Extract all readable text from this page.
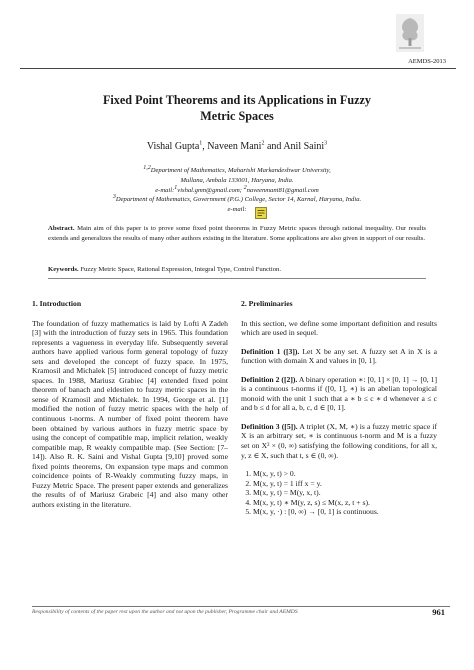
AEMDS-2013
Fixed Point Theorems and its Applications in Fuzzy
Metric Spaces
Vishal Gupta$^1$, Naveen Mani$^2$ and Anil Saini$^3$
$^{1,2}$Department of Mathematics, Maharishi Markandeshwar University,
Mullana, Ambala 133001, Haryana, India.
e-mail:$^1$vishal.gmn@gmail.com; $^2$naveenmani81@gmail.com
$^3$Department of Mathematics, Government (P.G.) College, Sector 14, Karnal, Haryana, India.
e-mail:
Abstract. Main aim of this paper is to prove some fixed point theorems in Fuzzy Metric spaces through rational inequality. Our results extends and generalizes the results of many other authors existing in the literature. Some applications are also given in support of our results.
Keywords. Fuzzy Metric Space, Rational Expression, Integral Type, Control Function.
1. Introduction

The foundation of fuzzy mathematics is laid by Lofti A Zadeh [3] with the introduction of fuzzy sets in 1965. This foundation represents a vagueness in everyday life. Subsequently several authors have applied various form general topology of fuzzy sets and developed the concept of fuzzy space. In 1975, Kramosil and Michalek [5] introduced concept of fuzzy metric spaces. In 1988, Mariusz Grabiec [4] extended fixed point theorem of banach and eldestien to fuzzy metric spaces in the sense of Kramosil and Michalek. In 1994, George et al. [1] modified the notion of fuzzy metric spaces with the help of continuous t-norms. A number of fixed point theorem have been obtained by various authors in fuzzy metric space by using the concept of compatible map, implicit relation, weakly compatible map, R weakly compatible map. (See Section: [7–14]). Also R. K. Saini and Vishal Gupta [9,10] proved some fixed points theorems, On expansion type maps and common coincidence points of R-Weakly commuting fuzzy maps, in Fuzzy Metric Space. The present paper extends and generalizes the results of of Mariusz Grabeic [4] and also many other authors existing in the literature.

2. Preliminaries

In this section, we define some important definition and results which are used in sequel.

Definition 1 ([3]). Let X be any set. A fuzzy set A in X is a function with domain X and values in [0, 1].

Definition 2 ([2]). A binary operation ∗: [0, 1] × [0, 1] → [0, 1] is a continuous t-norms if ([0, 1], ∗) is an abelian topological monoid with the unit 1 such that a ∗ b ≤ c ∗ d whenever a ≤ c and b ≤ d for all a, b, c, d ∈ [0, 1].

Definition 3 ([5]). A triplet (X, M, ∗) is a fuzzy metric space if X is an arbitrary set, ∗ is continuous t-norm and M is a fuzzy set on X² × (0, ∞) satisfying the following conditions, for all x, y, z ∈ X, such that t, s ∈ (0, ∞).

1. M(x, y, t) > 0.
2. M(x, y, t) = 1 iff x = y.
3. M(x, y, t) = M(y, x, t).
4. M(x, y, t) ∗ M(y, z, s) ≤ M(x, z, t + s).
5. M(x, y, ·) : [0, ∞) → [0, 1] is continuous.
Responsibility of contents of the paper rest upon the author and not upon the publisher, Programme chair and AEMDS	961
